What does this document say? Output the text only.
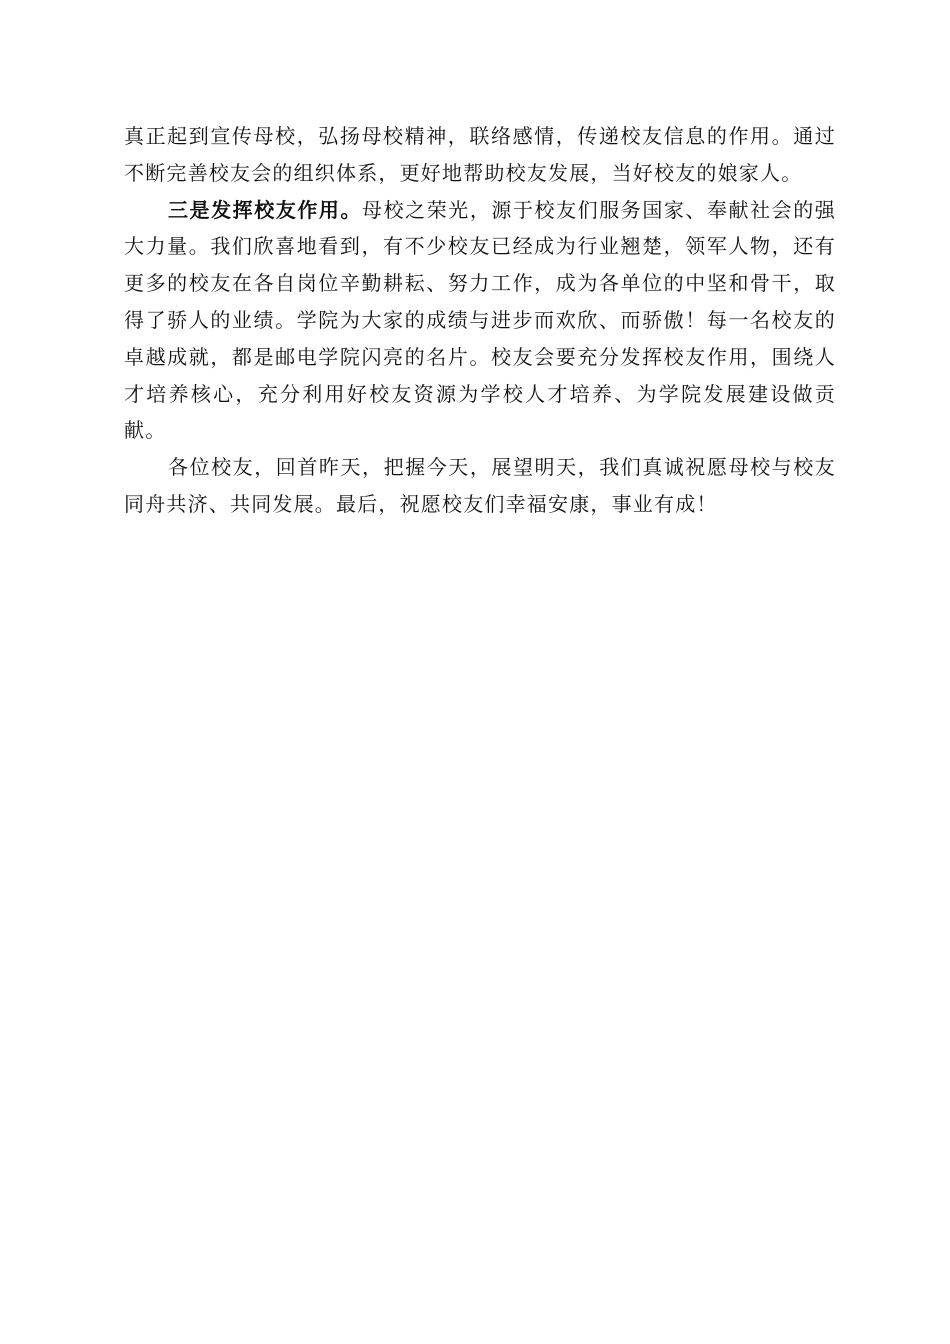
真正起到宣传母校，弘扬母校精神，联络感情，传递校友信息的作用。通过不断完善校友会的组织体系，更好地帮助校友发展，当好校友的娘家人。

三是发挥校友作用。母校之荣光，源于校友们服务国家、奉献社会的强大力量。我们欣喜地看到，有不少校友已经成为行业翘楚，领军人物，还有更多的校友在各自岗位辛勤耕耘、努力工作，成为各单位的中坚和骨干，取得了骄人的业绩。学院为大家的成绩与进步而欢欣、而骄傲！每一名校友的卓越成就，都是邮电学院闪亮的名片。校友会要充分发挥校友作用，围绕人才培养核心，充分利用好校友资源为学校人才培养、为学院发展建设做贡献。

各位校友，回首昨天，把握今天，展望明天，我们真诚祝愿母校与校友同舟共济、共同发展。最后，祝愿校友们幸福安康，事业有成！
